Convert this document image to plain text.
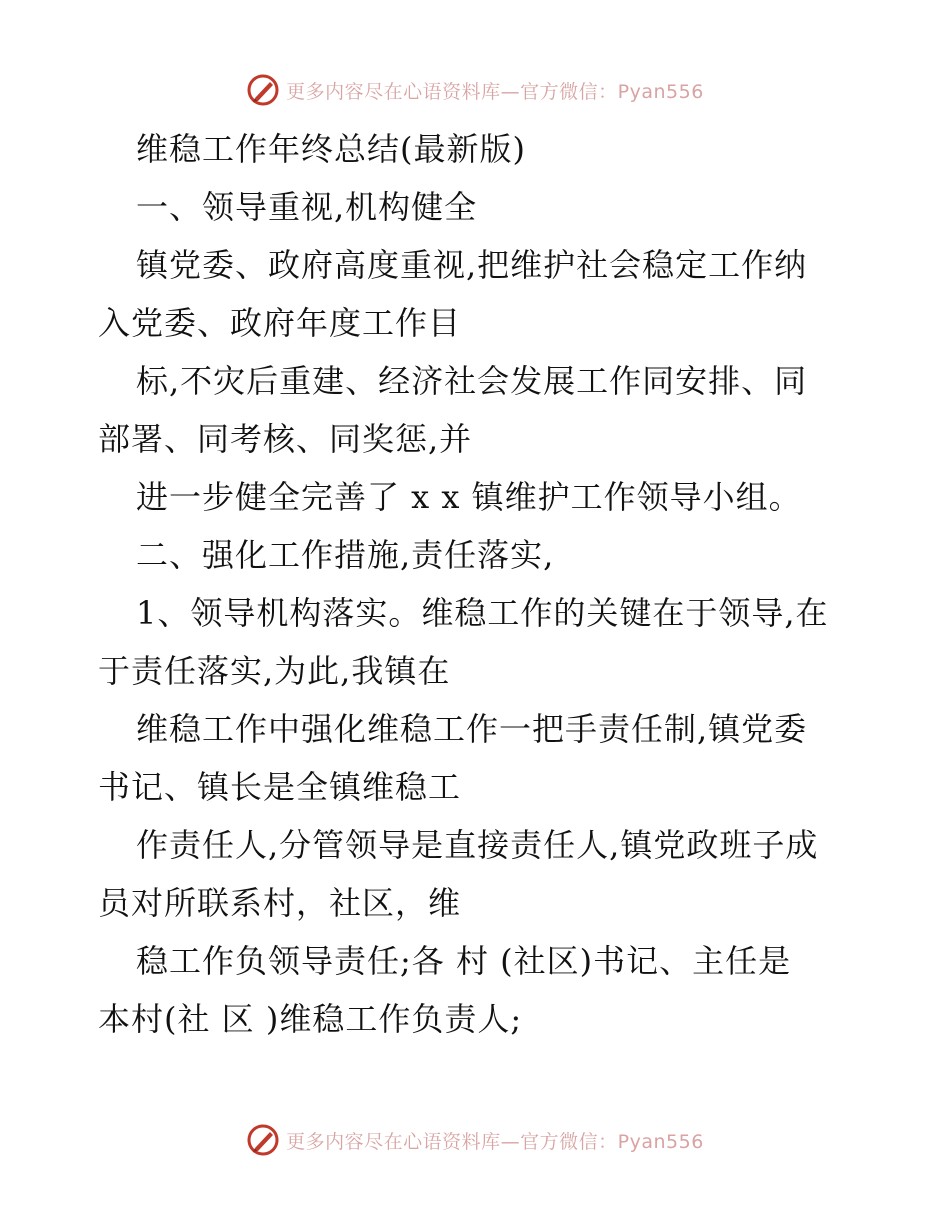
更多内容尽在心语资料库—官方微信：Pyan556
维稳工作年终总结(最新版)
一、领导重视,机构健全
镇党委、政府高度重视,把维护社会稳定工作纳
入党委、政府年度工作目
标,不灾后重建、经济社会发展工作同安排、同
部署、同考核、同奖惩,并
进一步健全完善了 x x 镇维护工作领导小组。
二、强化工作措施,责任落实,
1、领导机构落实。维稳工作的关键在于领导,在
于责任落实,为此,我镇在
维稳工作中强化维稳工作一把手责任制,镇党委
书记、镇长是全镇维稳工
作责任人,分管领导是直接责任人,镇党政班子成
员对所联系村，社区，维
稳工作负领导责任;各 村 (社区)书记、主任是
本村(社 区 )维稳工作负责人;
更多内容尽在心语资料库—官方微信：Pyan556
